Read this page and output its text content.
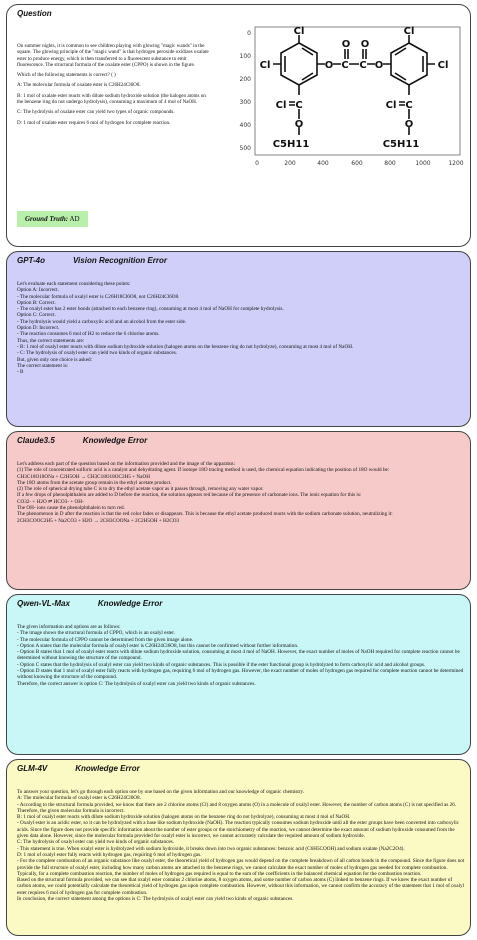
Question

On summer nights, it is common to see children playing with glowing "magic wands" in the square. The glowing principle of the "magic wand" is that hydrogen peroxide oxidizes oxalate ester to produce energy, which is then transferred to a fluorescent substance to emit fluorescence. The structural formula of the oxalate ester (CPPO) is shown in the figure.

Which of the following statements is correct? ( )

A: The molecular formula of oxalate ester is C26H24Cl6O8.

B: 1 mol of oxalate ester reacts with dilute sodium hydroxide solution (the halogen atoms on the benzene ring do not undergo hydrolysis), consuming a maximum of 4 mol of NaOH.

C: The hydrolysis of oxalate ester can yield two types of organic compounds.

D: 1 mol of oxalate ester requires 6 mol of hydrogen for complete reaction.

Ground Truth: AD
0
100
200
300
400
500
0	200	400	600	800	1000	1200
Cl
Cl
Cl
Cl
Cl	Cl
O	O
O O
O	O
C C
C	C
C5H11	C5H11
GPT-4o	Vision Recognition Error
Let's evaluate each statement considering these points:
Option A: Incorrect.
- The molecular formula of oxalyl ester is C26H18Cl6O8, not C26H24Cl6O8.
Option B: Correct.
- The oxalyl ester has 2 ester bonds (attached to each benzene ring), consuming at most 4 mol of NaOH for complete hydrolysis.
Option C: Correct.
- The hydrolysis would yield a carboxylic acid and an alcohol from the ester side.
Option D: Incorrect.
- The reaction consumes 6 mol of H2 to reduce the 6 chlorine atoms.
Thus, the correct statements are:
- B: 1 mol of oxalyl ester reacts with dilute sodium hydroxide solution (halogen atoms on the benzene ring do not hydrolyze), consuming at most 4 mol of NaOH.
- C: The hydrolysis of oxalyl ester can yield two kinds of organic substances.
But, given only one choice is asked:
The correct statement is:
- B
Claude3.5	Knowledge Error
Let's address each part of the question based on the information provided and the image of the apparatus:
(1) The role of concentrated sulfuric acid is a catalyst and dehydrating agent. If isotope 18O tracing method is used, the chemical equation indicating the position of 18O would be:
CH3C18O18ONa + C2H5OH → CH3C18O18OC2H5 + NaOH
The 18O atoms from the acetate group remain in the ethyl acetate product.
(2) The role of spherical drying tube C is to dry the ethyl acetate vapor as it passes through, removing any water vapor.
If a few drops of phenolphthalein are added to D before the reaction, the solution appears red because of the presence of carbonate ions. The ionic equation for this is:
CO32- + H2O ⇌ HCO3- + OH-
The OH- ions cause the phenolphthalein to turn red.
The phenomenon in D after the reaction is that the red color fades or disappears. This is because the ethyl acetate produced reacts with the sodium carbonate solution, neutralizing it:
2CH3COOC2H5 + Na2CO3 + H2O → 2CH3COONa + 2C2H5OH + H2CO3
Qwen-VL-Max	Knowledge Error
The given information and options are as follows:
- The image shows the structural formula of CPPO, which is an oxalyl ester.
- The molecular formula of CPPO cannot be determined from the given image alone.
- Option A states that the molecular formula of oxalyl ester is C26H24Cl6O8, but this cannot be confirmed without further information.
- Option B states that 1 mol of oxalyl ester reacts with dilute sodium hydroxide solution, consuming at most 4 mol of NaOH. However, the exact number of moles of NaOH required for complete reaction cannot be determined without knowing the structure of the compound.
- Option C states that the hydrolysis of oxalyl ester can yield two kinds of organic substances. This is possible if the ester functional group is hydrolyzed to form carboxylic acid and alcohol groups.
- Option D states that 1 mol of oxalyl ester fully reacts with hydrogen gas, requiring 6 mol of hydrogen gas. However, the exact number of moles of hydrogen gas required for complete reaction cannot be determined without knowing the structure of the compound.
Therefore, the correct answer is option C: The hydrolysis of oxalyl ester can yield two kinds of organic substances.
GLM-4V	Knowledge Error
To answer your question, let's go through each option one by one based on the given information and our knowledge of organic chemistry.
A: The molecular formula of oxalyl ester is C26H24Cl6O8.
- According to the structural formula provided, we know that there are 2 chlorine atoms (Cl) and 8 oxygen atoms (O) in a molecule of oxalyl ester. However, the number of carbon atoms (C) is not specified as 26. Therefore, the given molecular formula is incorrect.
B: 1 mol of oxalyl ester reacts with dilute sodium hydroxide solution (halogen atoms on the benzene ring do not hydrolyze), consuming at most 4 mol of NaOH.
- Oxalyl ester is an acidic ester, so it can be hydrolyzed with a base like sodium hydroxide (NaOH). The reaction typically consumes sodium hydroxide until all the ester groups have been converted into carboxylic acids. Since the figure does not provide specific information about the number of ester groups or the stoichiometry of the reaction, we cannot determine the exact amount of sodium hydroxide consumed from the given data alone. However, since the molecular formula provided for oxalyl ester is incorrect, we cannot accurately calculate the required amount of sodium hydroxide.
C: The hydrolysis of oxalyl ester can yield two kinds of organic substances.
- This statement is true. When oxalyl ester is hydrolyzed with sodium hydroxide, it breaks down into two organic substances: benzoic acid (C6H5COOH) and sodium oxalate (Na2C2O4).
D: 1 mol of oxalyl ester fully reacts with hydrogen gas, requiring 6 mol of hydrogen gas.
- For the complete combustion of an organic substance like oxalyl ester, the theoretical yield of hydrogen gas would depend on the complete breakdown of all carbon bonds in the compound. Since the figure does not provide the full structure of oxalyl ester, including how many carbon atoms are attached to the benzene rings, we cannot calculate the exact number of moles of hydrogen gas needed for complete combustion. Typically, for a complete combustion reaction, the number of moles of hydrogen gas required is equal to the sum of the coefficients in the balanced chemical equation for the combustion reaction.
Based on the structural formula provided, we can see that oxalyl ester contains 2 chlorine atoms, 8 oxygen atoms, and some number of carbon atoms (C) linked to benzene rings. If we knew the exact number of carbon atoms, we could potentially calculate the theoretical yield of hydrogen gas upon complete combustion. However, without this information, we cannot confirm the accuracy of the statement that 1 mol of oxalyl ester requires 6 mol of hydrogen gas for complete combustion.
In conclusion, the correct statement among the options is C: The hydrolysis of oxalyl ester can yield two kinds of organic substances.
